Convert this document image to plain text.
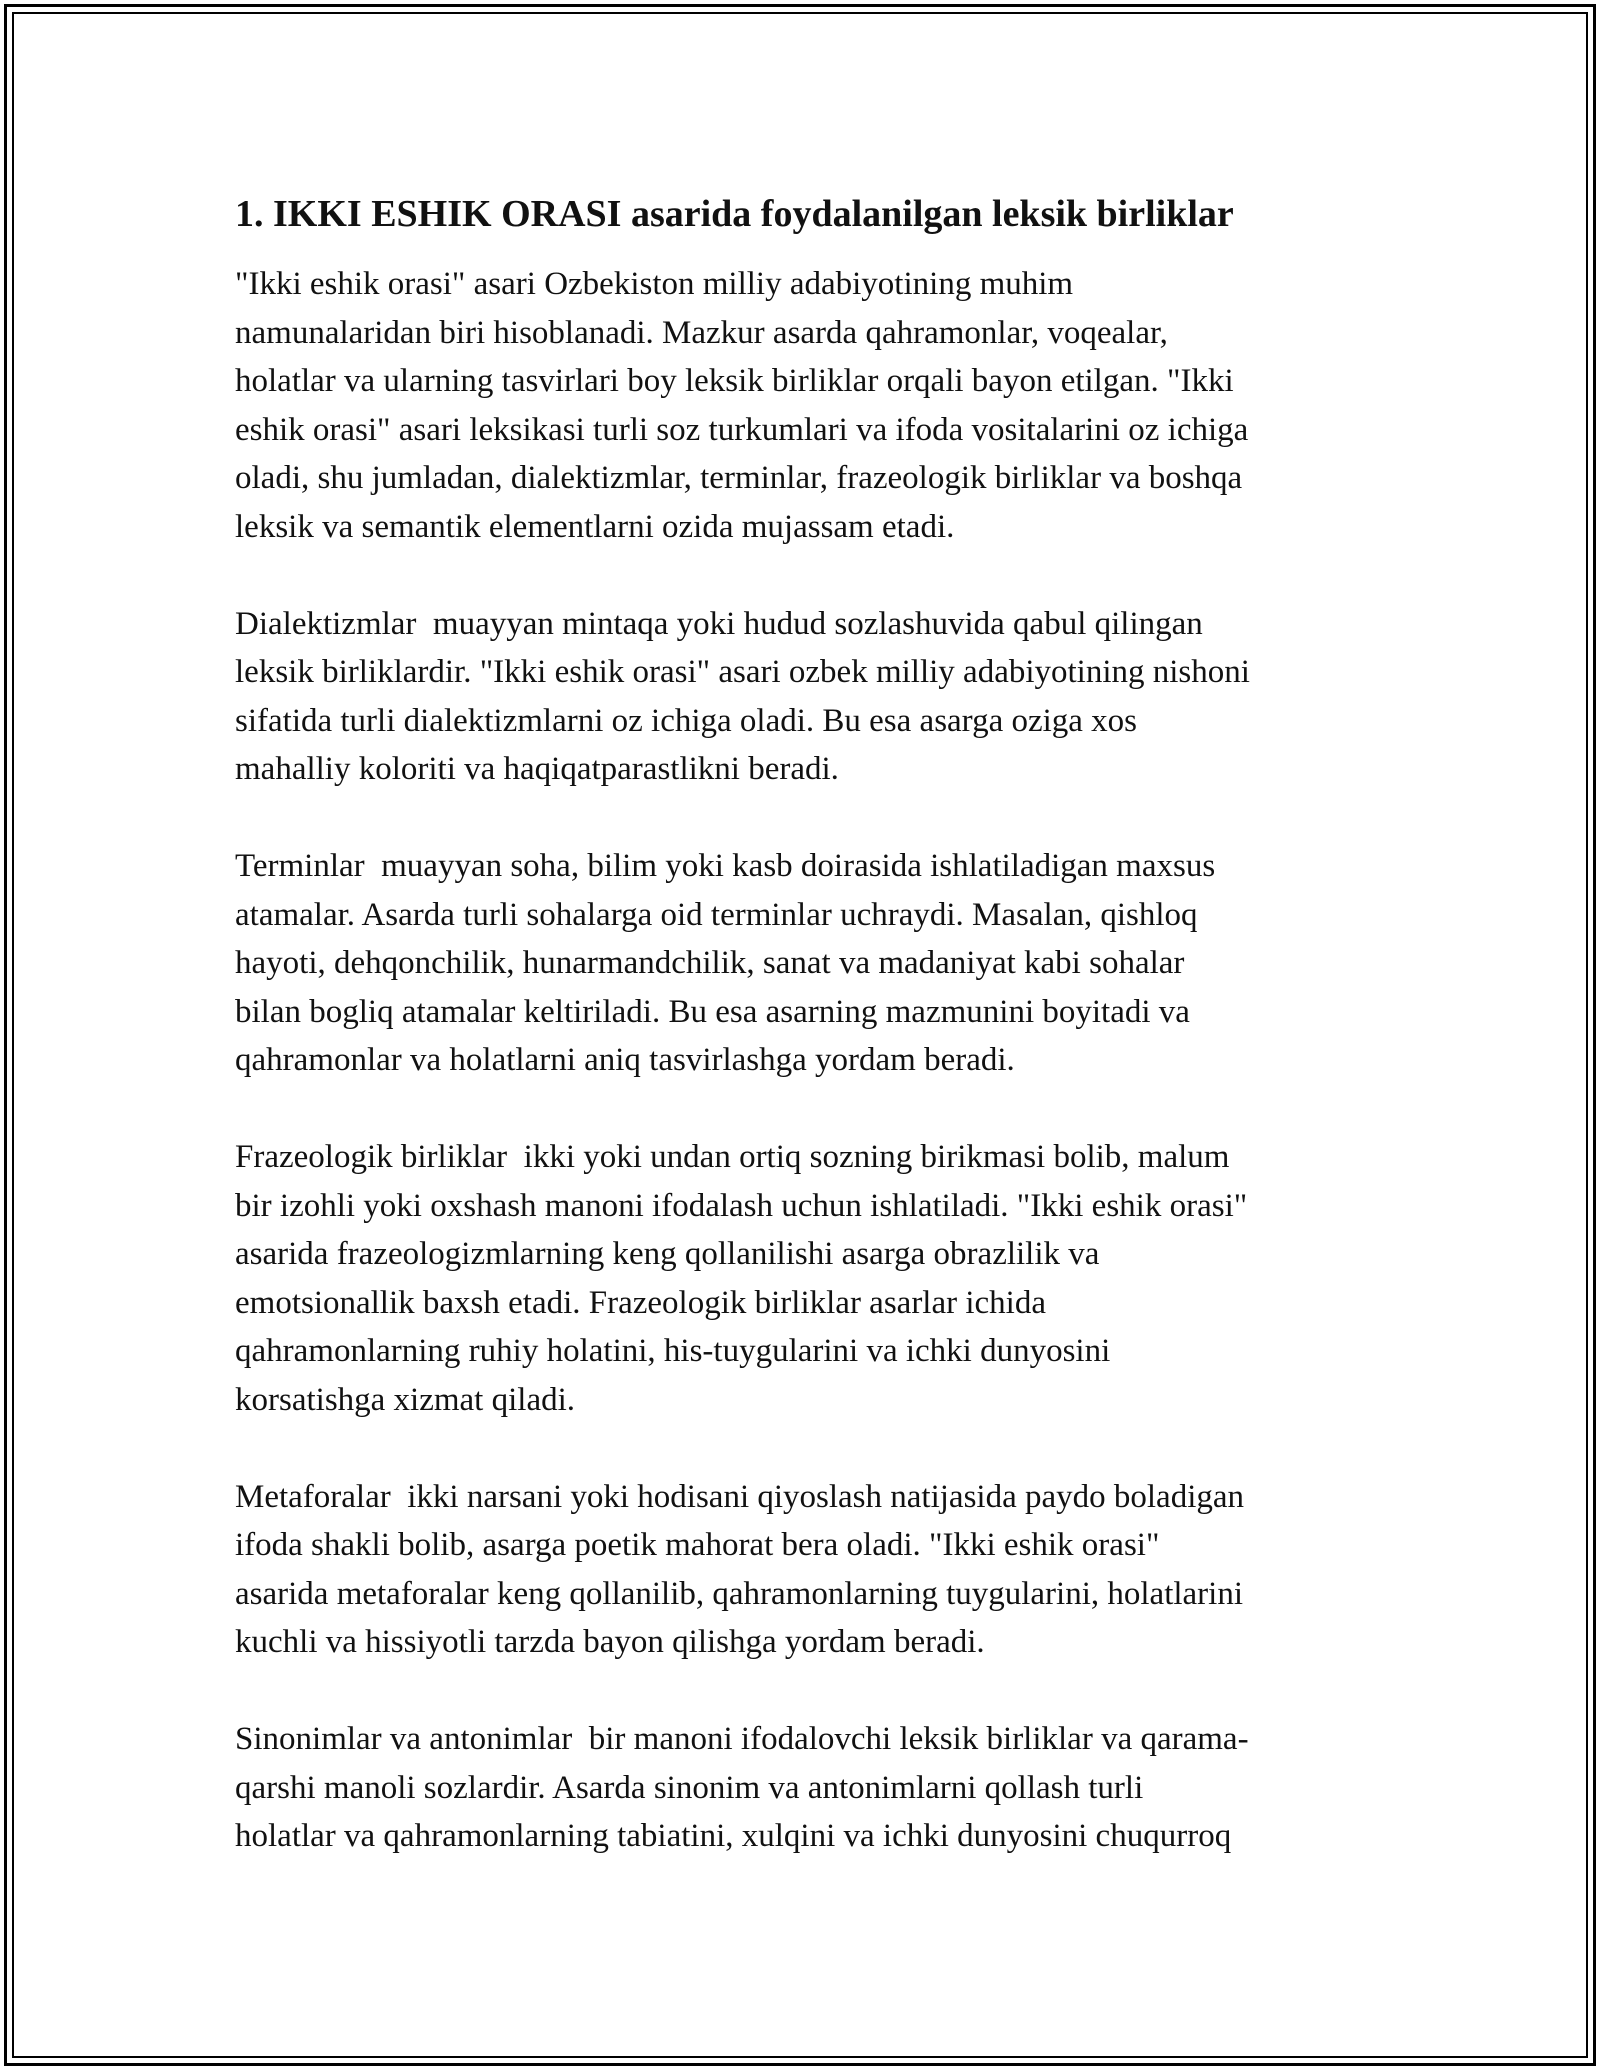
1. IKKI ESHIK ORASI asarida foydalanilgan leksik birliklar
"Ikki eshik orasi" asari Ozbekiston milliy adabiyotining muhim
namunalaridan biri hisoblanadi. Mazkur asarda qahramonlar, voqealar,
holatlar va ularning tasvirlari boy leksik birliklar orqali bayon etilgan. "Ikki
eshik orasi" asari leksikasi turli soz turkumlari va ifoda vositalarini oz ichiga
oladi, shu jumladan, dialektizmlar, terminlar, frazeologik birliklar va boshqa
leksik va semantik elementlarni ozida mujassam etadi.
Dialektizmlar  muayyan mintaqa yoki hudud sozlashuvida qabul qilingan
leksik birliklardir. "Ikki eshik orasi" asari ozbek milliy adabiyotining nishoni
sifatida turli dialektizmlarni oz ichiga oladi. Bu esa asarga oziga xos
mahalliy koloriti va haqiqatparastlikni beradi.
Terminlar  muayyan soha, bilim yoki kasb doirasida ishlatiladigan maxsus
atamalar. Asarda turli sohalarga oid terminlar uchraydi. Masalan, qishloq
hayoti, dehqonchilik, hunarmandchilik, sanat va madaniyat kabi sohalar
bilan bogliq atamalar keltiriladi. Bu esa asarning mazmunini boyitadi va
qahramonlar va holatlarni aniq tasvirlashga yordam beradi.
Frazeologik birliklar  ikki yoki undan ortiq sozning birikmasi bolib, malum
bir izohli yoki oxshash manoni ifodalash uchun ishlatiladi. "Ikki eshik orasi"
asarida frazeologizmlarning keng qollanilishi asarga obrazlilik va
emotsionallik baxsh etadi. Frazeologik birliklar asarlar ichida
qahramonlarning ruhiy holatini, his-tuygularini va ichki dunyosini
korsatishga xizmat qiladi.
Metaforalar  ikki narsani yoki hodisani qiyoslash natijasida paydo boladigan
ifoda shakli bolib, asarga poetik mahorat bera oladi. "Ikki eshik orasi"
asarida metaforalar keng qollanilib, qahramonlarning tuygularini, holatlarini
kuchli va hissiyotli tarzda bayon qilishga yordam beradi.
Sinonimlar va antonimlar  bir manoni ifodalovchi leksik birliklar va qarama-
qarshi manoli sozlardir. Asarda sinonim va antonimlarni qollash turli
holatlar va qahramonlarning tabiatini, xulqini va ichki dunyosini chuqurroq
